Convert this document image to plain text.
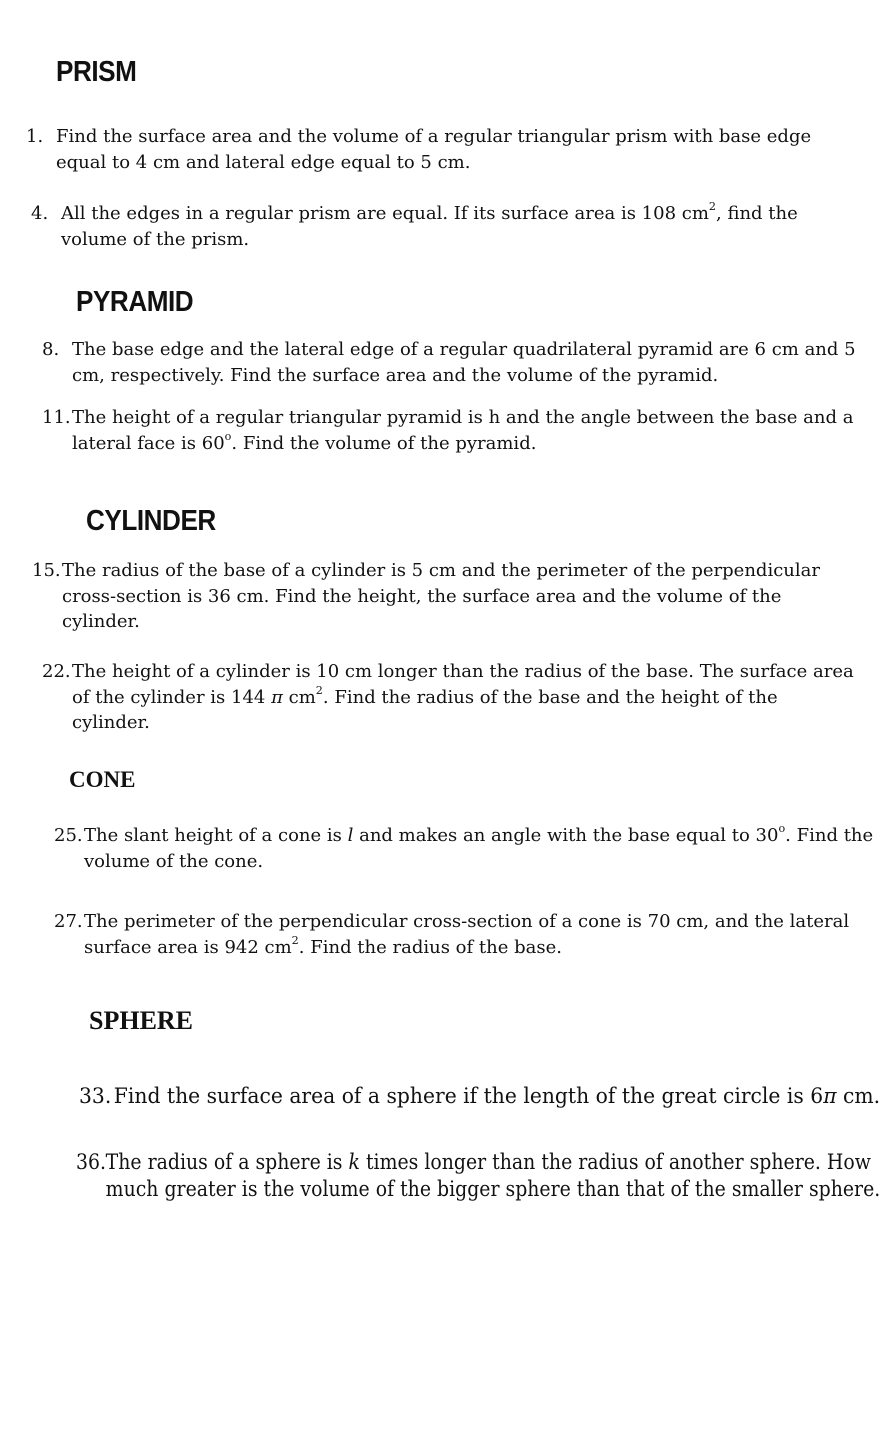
PRISM
1. Find the surface area and the volume of a regular triangular prism with base edge
equal to 4 cm and lateral edge equal to 5 cm.
4. All the edges in a regular prism are equal. If its surface area is 108 $cm^2$, find the
volume of the prism.
PYRAMID
8. The base edge and the lateral edge of a regular quadrilateral pyramid are 6 cm and 5
cm, respectively. Find the surface area and the volume of the pyramid.
11. The height of a regular triangular pyramid is h and the angle between the base and a
lateral face is 60$^o$. Find the volume of the pyramid.
CYLINDER
15. The radius of the base of a cylinder is 5 cm and the perimeter of the perpendicular
cross-section is 36 cm. Find the height, the surface area and the volume of the
cylinder.
22. The height of a cylinder is 10 cm longer than the radius of the base. The surface area
of the cylinder is 144 π $cm^2$. Find the radius of the base and the height of the
cylinder.
CONE
25. The slant height of a cone is l and makes an angle with the base equal to 30$^o$. Find the
volume of the cone.
27. The perimeter of the perpendicular cross-section of a cone is 70 cm, and the lateral
surface area is 942 $cm^2$. Find the radius of the base.
SPHERE
33. Find the surface area of a sphere if the length of the great circle is 6π cm.
36. The radius of a sphere is k times longer than the radius of another sphere. How
much greater is the volume of the bigger sphere than that of the smaller sphere.
